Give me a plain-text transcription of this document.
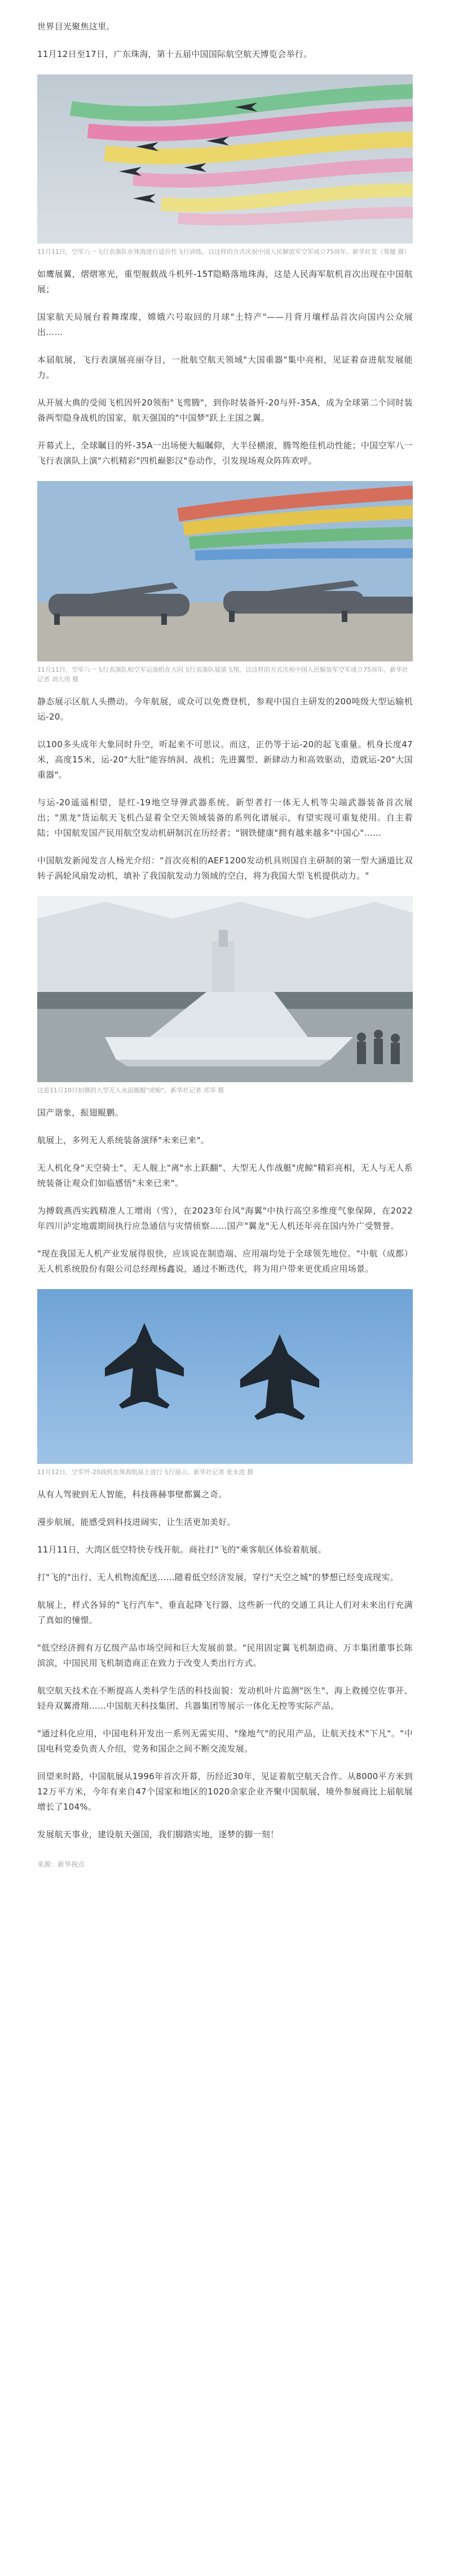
世界目光聚焦这里。

11月12日至17日，广东珠海，第十五届中国国际航空航天博览会举行。

11月11日，空军八一飞行表演队在珠海进行适应性飞行训练，以这样的方式庆祝中国人民解放军空军成立75周年。新华社发（郑健 摄）

如鹰展翼，熠熠寒光，重型舰载战斗机歼-15T隐略落地珠海，这是人民海军航机首次出现在中国航展；

国家航天局展台着舞璨璨，嫦娥六号取回的月球"土特产"——月背月壤样品首次向国内公众展出……

本届航展，飞行表演展亮丽夺目，一批航空航天领域"大国重器"集中亮相，见证着奋进航发展能力。

从开展大典的受阅飞机因歼20领衔"飞鸾腾"，到你时装备歼-20与歼-35A，成为全球第二个同时装备两型隐身战机的国家，航天强国的"中国梦"跃上主国之翼。

开幕式上，全球瞩目的歼-35A一出场便大幅瞩仰，大半径横滚，腾驾绝佳机动性能；中国空军八一飞行表演队上演"六机精彩"四机巅影汉"卷动作，引发现场观众阵阵欢呼。

11月11日，空军八一飞行表演队和空军运油机在大同飞行表演队展演飞翔，以这样的方式庆祝中国人民解放军空军成立75周年。新华社记者 刘大伟 摄

静态展示区航人头攒动。今年航展，或众可以免费登机，参观中国自主研发的200吨级大型运输机运-20。

以100多头成年大象同时升空，听起来不可思议。而这，正仍等于运-20的起飞重量。机身长度47米，高度15米，运-20"大肚"能容纳洞、战机；先进翼型、新肆动力和高效驱动，造就运-20"大国重器"。

与运-20遥遥相望，是红-19地空导弹武器系统。新型者打一体无人机等尖端武器装备首次展出；"黑龙"货运航天飞机凸显着全空天领域装备的系列化谱展示，有望实现可重复使用。自主着陆；中国航发国产民用航空发动机研制沉在历经者；"钢铁健康"拥有越来越多"中国心"……

中国航发新闻发言人杨光介绍："首次亮相的AEF1200发动机具则国自主研制的第一型大涵道比双转子涡轮风扇发动机，填补了我国航发动力领域的空白，将为我国大型飞机提供动力。"

这是11月10日拍摄的大型无人水面舰艇"虎鲸"。新华社记者 邓华 摄

国产谐象，振翅鲲鹏。

航展上，多列无人系统装备演绎"未来已来"。

无人机化身"天空骑士"、无人舰上"离"水上跃翻"、大型无人作战艇"虎鲸"精彩亮相，无人与无人系统装备让观众们如临感悟"未来已来"。

为搏载燕西实践精准人工增雨（雪），在2023年台风"海翼"中执行高空多维度气象保障，在2022年四川泸定地震期间执行应急通信与灾情侦察……国产"翼龙"无人机还年亮在国内外广受赞誉。

"现在我国无人机产业发展得很快，应该说在制造端、应用端均处于全球领先地位。"中航（成都）无人机系统股份有限公司总经理杨鑫说，通过不断迭代，将为用户带来更优质应用场景。

11月12日，空军歼-20战机在珠海航展上进行飞行展示。新华社记者 张永进 摄

从有人驾驶到无人智能，科技蒋赫事壁都翼之奇。

漫步航展，能感受到科技进阔实，让生活更加美好。

11月11日，大湾区低空特快专线开航。商社打"飞的"乘客航区体验着航展。

打"飞的"出行、无人机物流配送……随着低空经济发展，穿行"天空之城"的梦想已经变成现实。

航展上，样式各异的"飞行汽车"、垂直起降飞行器，这些新一代的交通工具让人们对未来出行充满了真如的憧憬。

"低空经济拥有万亿级产品市场空间和巨大发展前景。"民用固定翼飞机制造商、万丰集团董事长陈滨滨，中国民用飞机制造商正在致力于改变人类出行方式。

航空航天技术在不断提高人类科学生活的科技面貌：发动机叶片监测"医生"、海上救援空佐事开、轻舟双翼滑翔……中国航天科技集团、兵器集团等展示一体化无控等实际产品。

"通过科化应用，中国电科开发出一系列无需实用、"缘地气"的民用产品，让航天技术"下凡"。"中国电科党委负责人介绍，党务和国企之间不断交流发展。

回望来时路，中国航展从1996年首次开幕，历经近30年，见证着航空航天合作。从8000平方米到12万平方米，今年有来自47个国家和地区的1020余家企业齐聚中国航展，境外参展商比上届航展增长了104%。

发展航天事业，建设航天强国，我们脚踏实地，逐梦的脚一刻！

来源：新华视点
